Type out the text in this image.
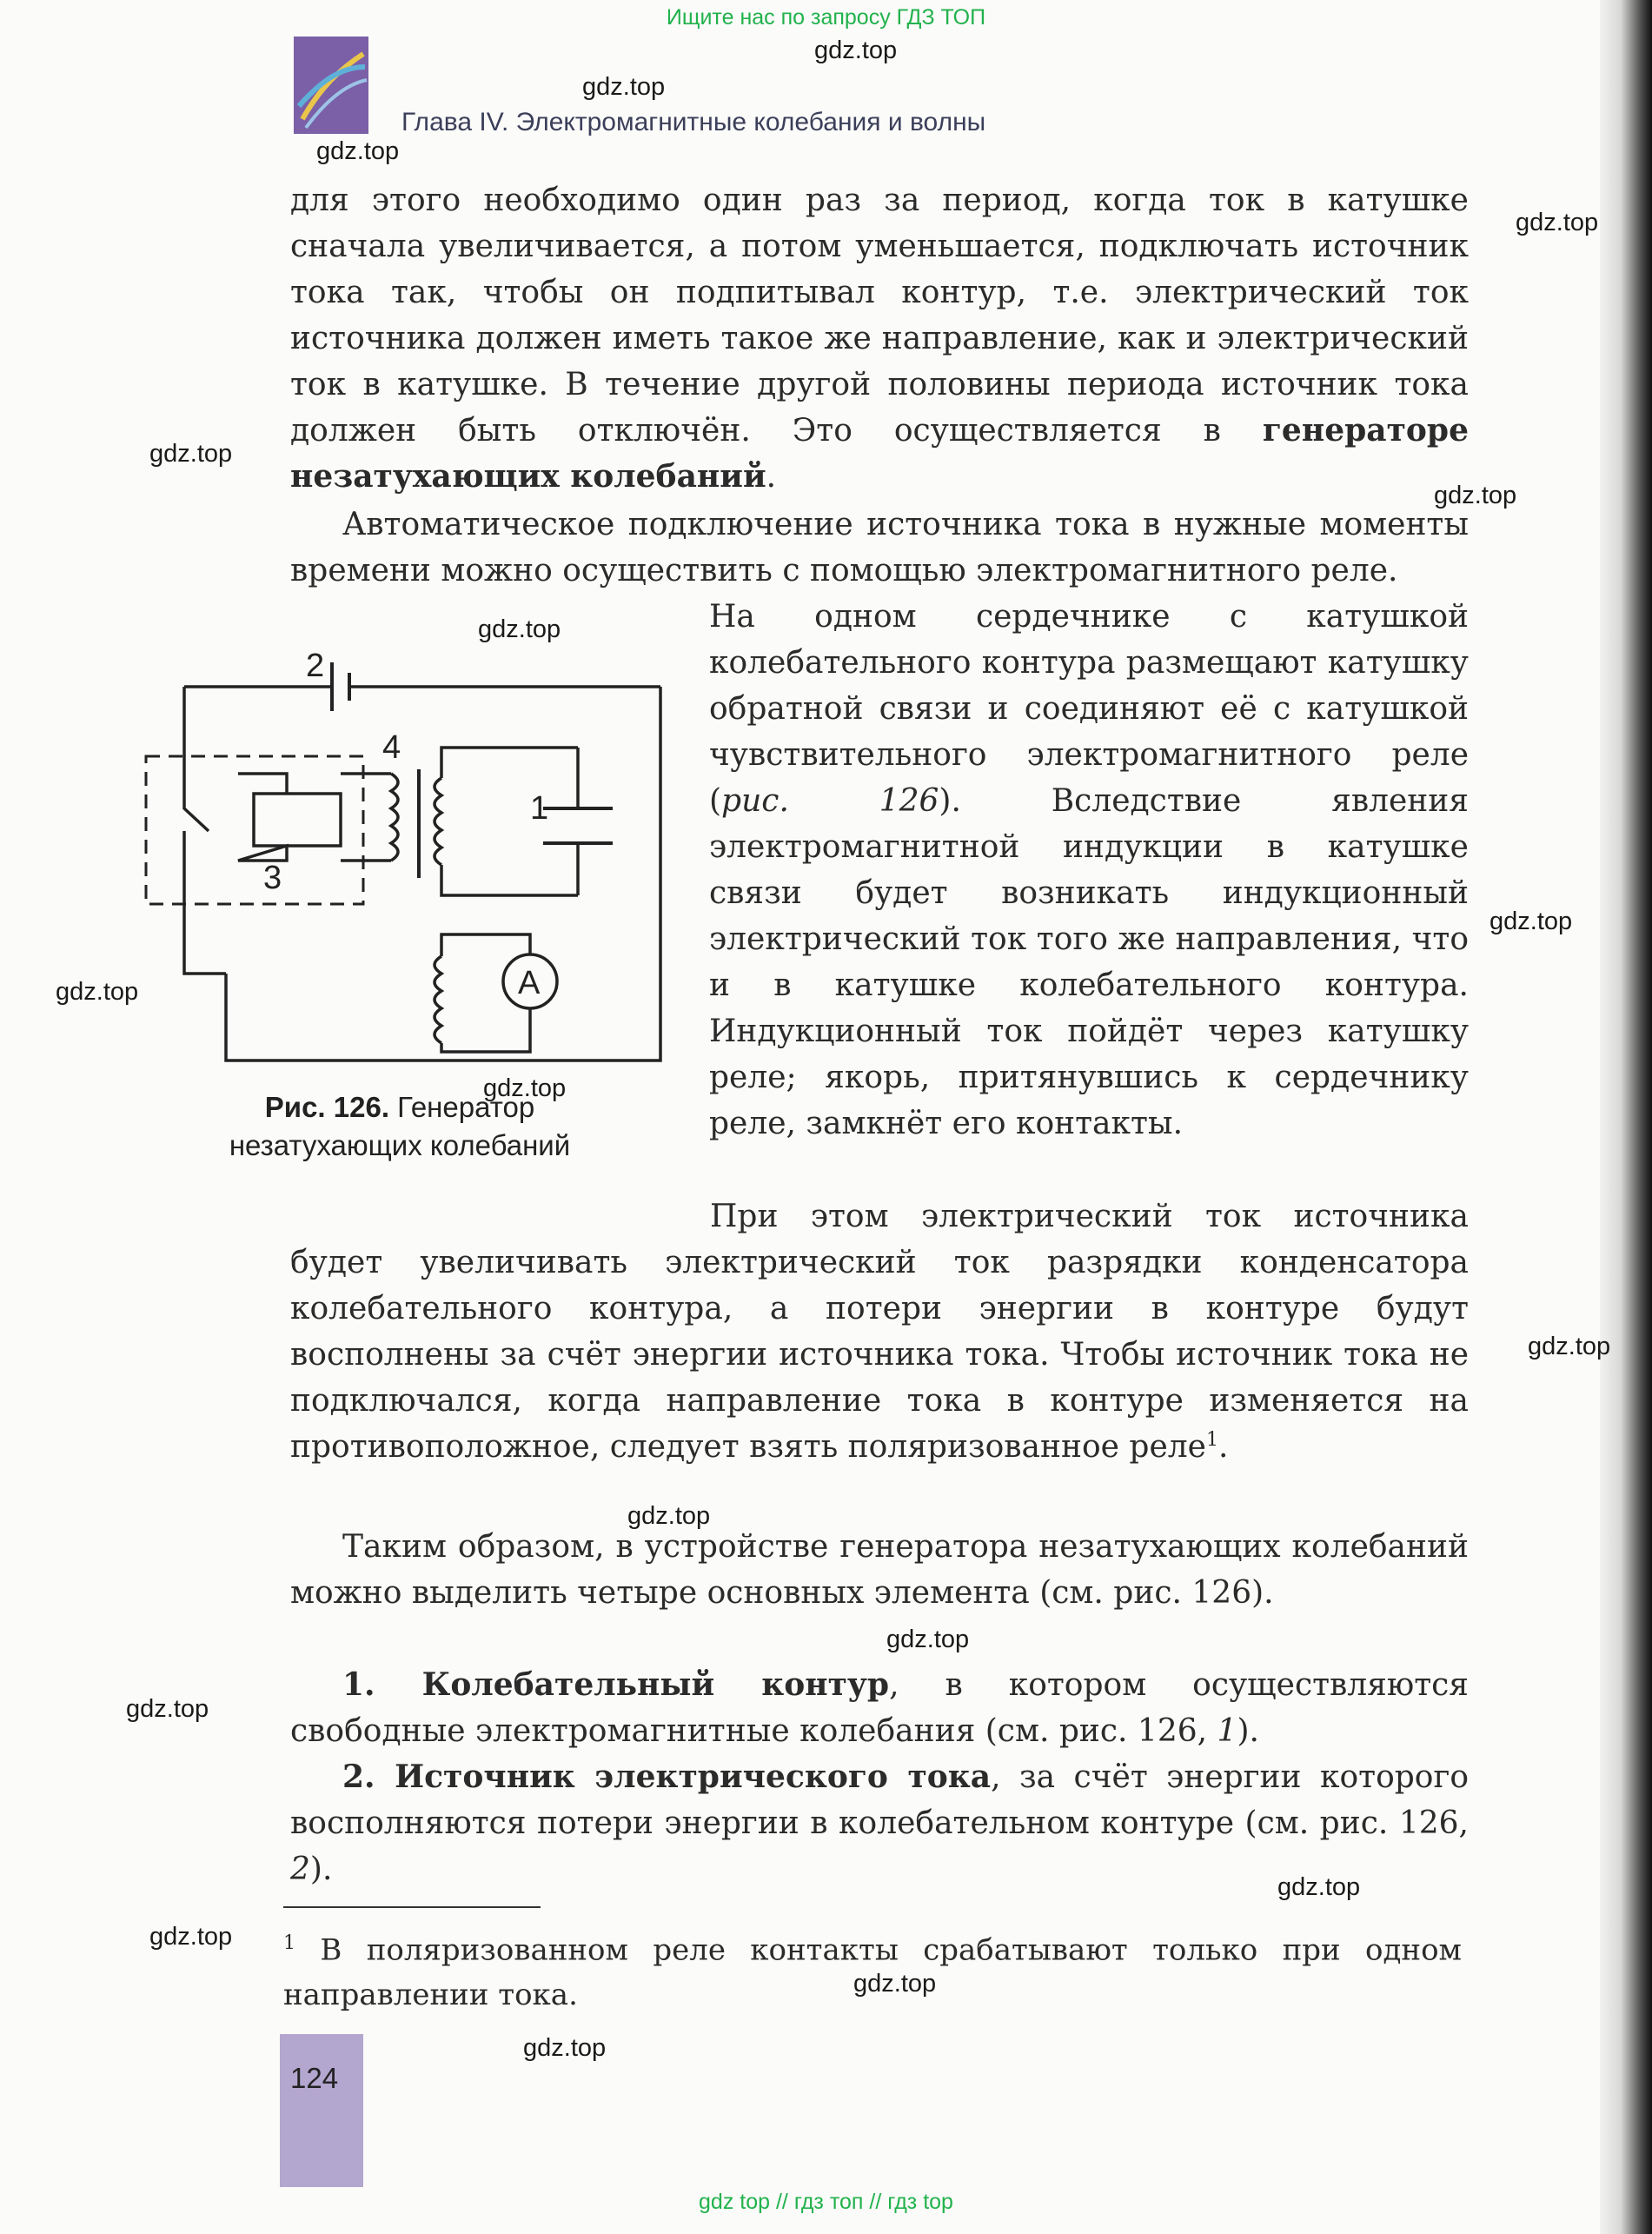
Ищите нас по запросу ГДЗ ТОП
Глава IV. Электромагнитные колебания и волны

для этого необходимо один раз за период, когда ток в катушке сначала увеличивается, а потом уменьшается, подключать источник тока так, чтобы он подпитывал контур, т.е. электрический ток источника должен иметь такое же направление, как и электрический ток в катушке. В течение другой половины периода источник тока должен быть отключён. Это осуществляется в генераторе незатухающих колебаний.

Автоматическое подключение источника тока в нужные моменты времени можно осуществить с помощью электромагнитного реле.

На одном сердечнике с катушкой колебательного контура размещают катушку обратной связи и соединяют её с катушкой чувствительного электромагнитного реле (рис. 126). Вследствие явления электромагнитной индукции в катушке связи будет возникать индукционный электрический ток того же направления, что и в катушке колебательного контура. Индукционный ток пойдёт через катушку реле; якорь, притянувшись к сердечнику реле, замкнёт его контакты.

При этом электрический ток источника будет увеличивать электрический ток разрядки конденсатора колебательного контура, а потери энергии в контуре будут восполнены за счёт энергии источника тока. Чтобы источник тока не подключался, когда направление тока в контуре изменяется на противоположное, следует взять поляризованное реле$^1$.

Таким образом, в устройстве генератора незатухающих колебаний можно выделить четыре основных элемента (см. рис. 126).

1. Колебательный контур, в котором осуществляются свободные электромагнитные колебания (см. рис. 126, 1).

2. Источник электрического тока, за счёт энергии которого восполняются потери энергии в колебательном контуре (см. рис. 126, 2).

2
4
1
3
A
Рис. 126. Генератор незатухающих колебаний

$^1$ В поляризованном реле контакты срабатывают только при одном направлении тока.

124
gdz.top
gdz.top
gdz.top
gdz.top
gdz.top
gdz.top
gdz.top
gdz.top
gdz.top
gdz.top
gdz.top
gdz.top
gdz.top
gdz.top
gdz.top
gdz.top
gdz.top
gdz.top
gdz top // гдз топ // гдз top
